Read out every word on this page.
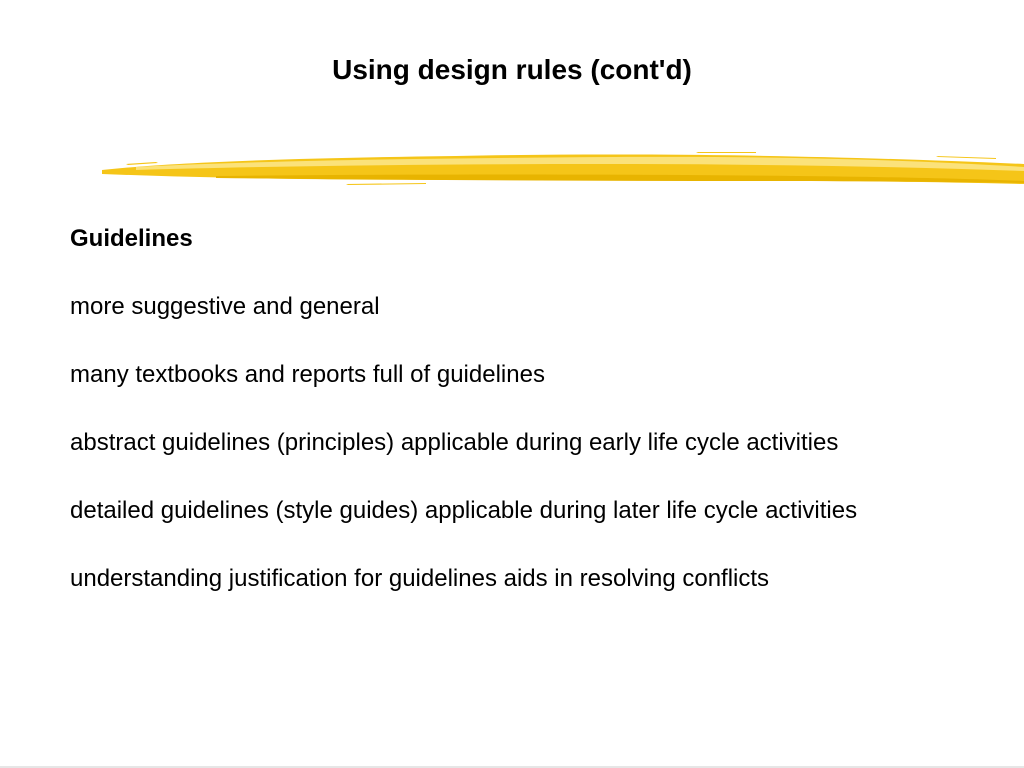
Using design rules (cont'd)
Guidelines
more suggestive and general
many textbooks and reports full of guidelines
abstract guidelines (principles) applicable during early life cycle activities
detailed guidelines (style guides) applicable during later life cycle activities
understanding justification for guidelines aids in resolving conflicts
